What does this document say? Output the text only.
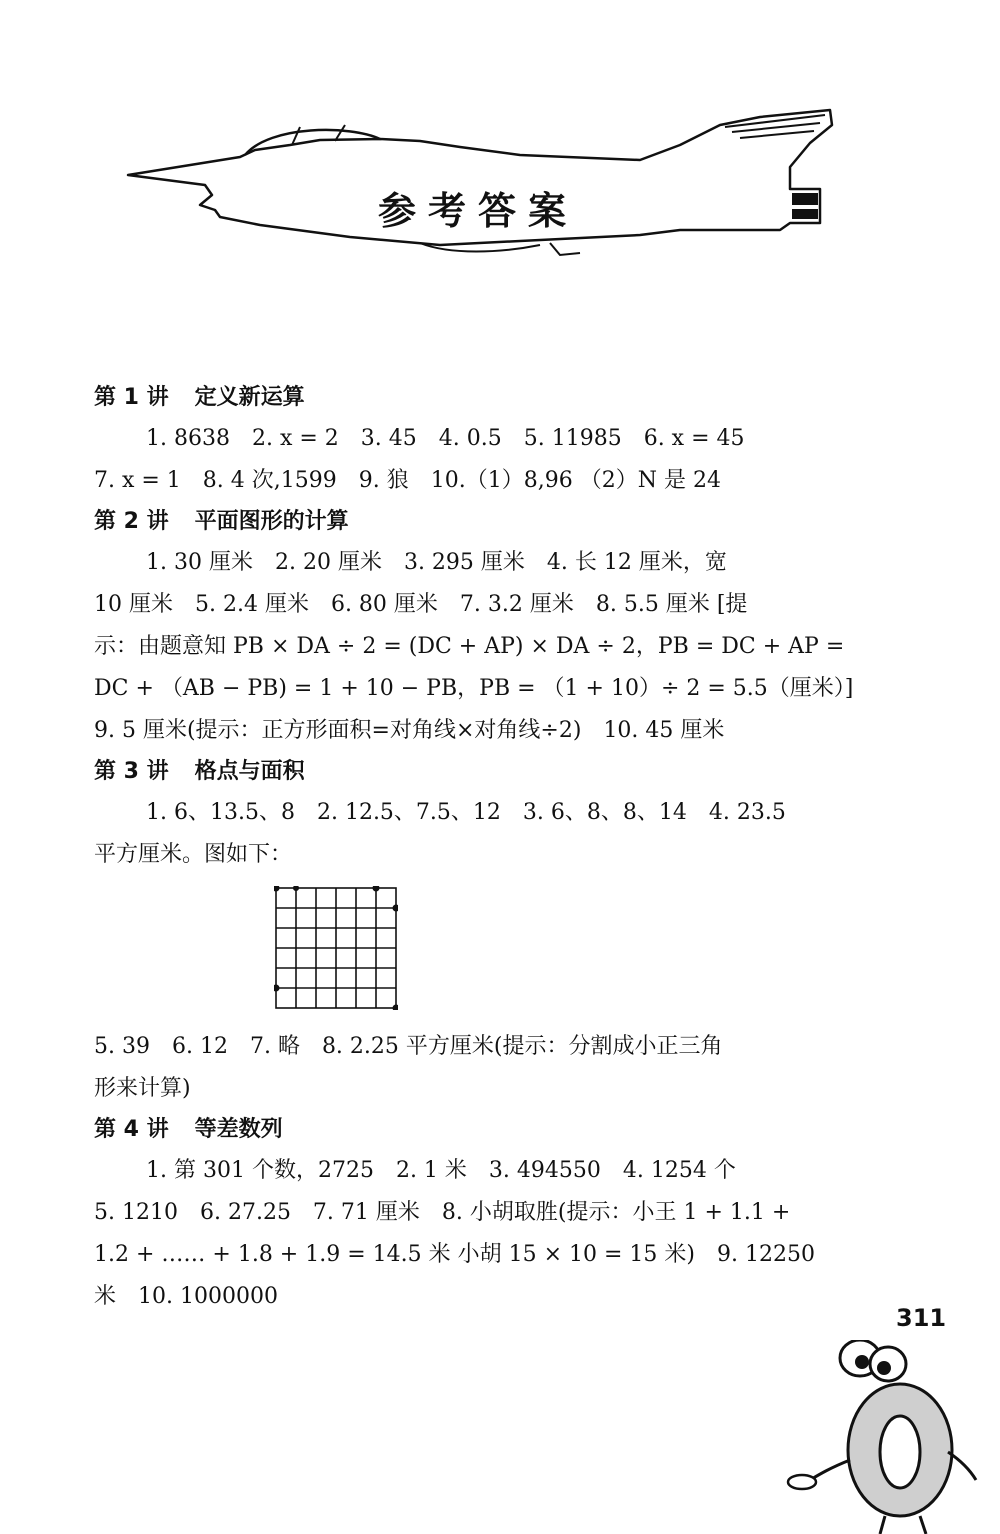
参考答案
第 1 讲 定义新运算
1. 8638　2. x = 2　3. 45　4. 0.5　5. 11985　6. x = 45
7. x = 1　8. 4 次,1599　9. 狼　10.（1）8,96 （2）N 是 24
第 2 讲 平面图形的计算
1. 30 厘米　2. 20 厘米　3. 295 厘米　4. 长 12 厘米，宽
10 厘米　5. 2.4 厘米　6. 80 厘米　7. 3.2 厘米　8. 5.5 厘米 [提
示：由题意知 PB × DA ÷ 2 = (DC + AP) × DA ÷ 2，PB = DC + AP =
DC + （AB − PB) = 1 + 10 − PB，PB = （1 + 10）÷ 2 = 5.5（厘米）]
9. 5 厘米(提示：正方形面积=对角线×对角线÷2)　10. 45 厘米
第 3 讲 格点与面积
1. 6、13.5、8　2. 12.5、7.5、12　3. 6、8、8、14　4. 23.5
平方厘米。图如下：
5. 39　6. 12　7. 略　8. 2.25 平方厘米(提示：分割成小正三角
形来计算)
第 4 讲 等差数列
1. 第 301 个数，2725　2. 1 米　3. 494550　4. 1254 个
5. 1210　6. 27.25　7. 71 厘米　8. 小胡取胜(提示：小王 1 + 1.1 +
1.2 + …… + 1.8 + 1.9 = 14.5 米 小胡 15 × 10 = 15 米)　9. 12250
米　10. 1000000
311
